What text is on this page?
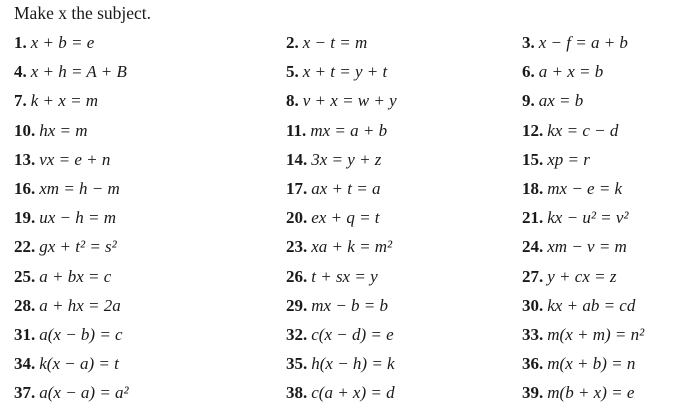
Make x the subject.
1. x + b = e
4. x + h = A + B
7. k + x = m
10. hx = m
13. vx = e + n
16. xm = h − m
19. ux − h = m
22. gx + t² = s²
25. a + bx = c
28. a + hx = 2a
31. a(x − b) = c
34. k(x − a) = t
37. a(x − a) = a²
2. x − t = m
5. x + t = y + t
8. v + x = w + y
11. mx = a + b
14. 3x = y + z
17. ax + t = a
20. ex + q = t
23. xa + k = m²
26. t + sx = y
29. mx − b = b
32. c(x − d) = e
35. h(x − h) = k
38. c(a + x) = d
3. x − f = a + b
6. a + x = b
9. ax = b
12. kx = c − d
15. xp = r
18. mx − e = k
21. kx − u² = v²
24. xm − v = m
27. y + cx = z
30. kx + ab = cd
33. m(x + m) = n²
36. m(x + b) = n
39. m(b + x) = e
